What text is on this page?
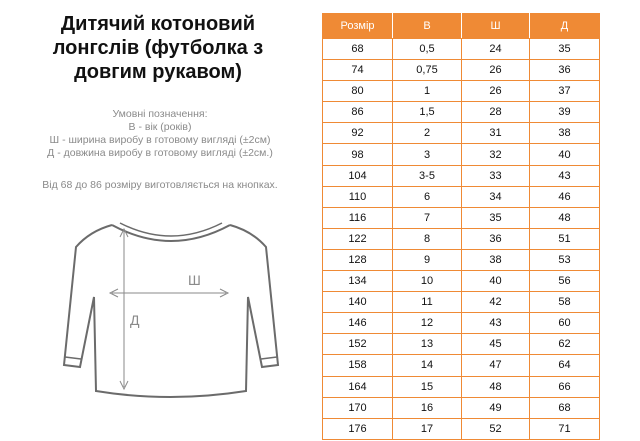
Дитячий котоновий
лонгслів (футболка з
довгим рукавом)
Умовні позначення:
В - вік (років)
Ш - ширина виробу в готовому вигляді (±2см)
Д - довжина виробу в готовому вигляді (±2см.)
Від 68 до 86 розміру виготовляється на кнопках.
Ш
Д
Розмір	В	Ш	Д
68	0,5	24	35
74	0,75	26	36
80	1	26	37
86	1,5	28	39
92	2	31	38
98	3	32	40
104	3-5	33	43
110	6	34	46
116	7	35	48
122	8	36	51
128	9	38	53
134	10	40	56
140	11	42	58
146	12	43	60
152	13	45	62
158	14	47	64
164	15	48	66
170	16	49	68
176	17	52	71
